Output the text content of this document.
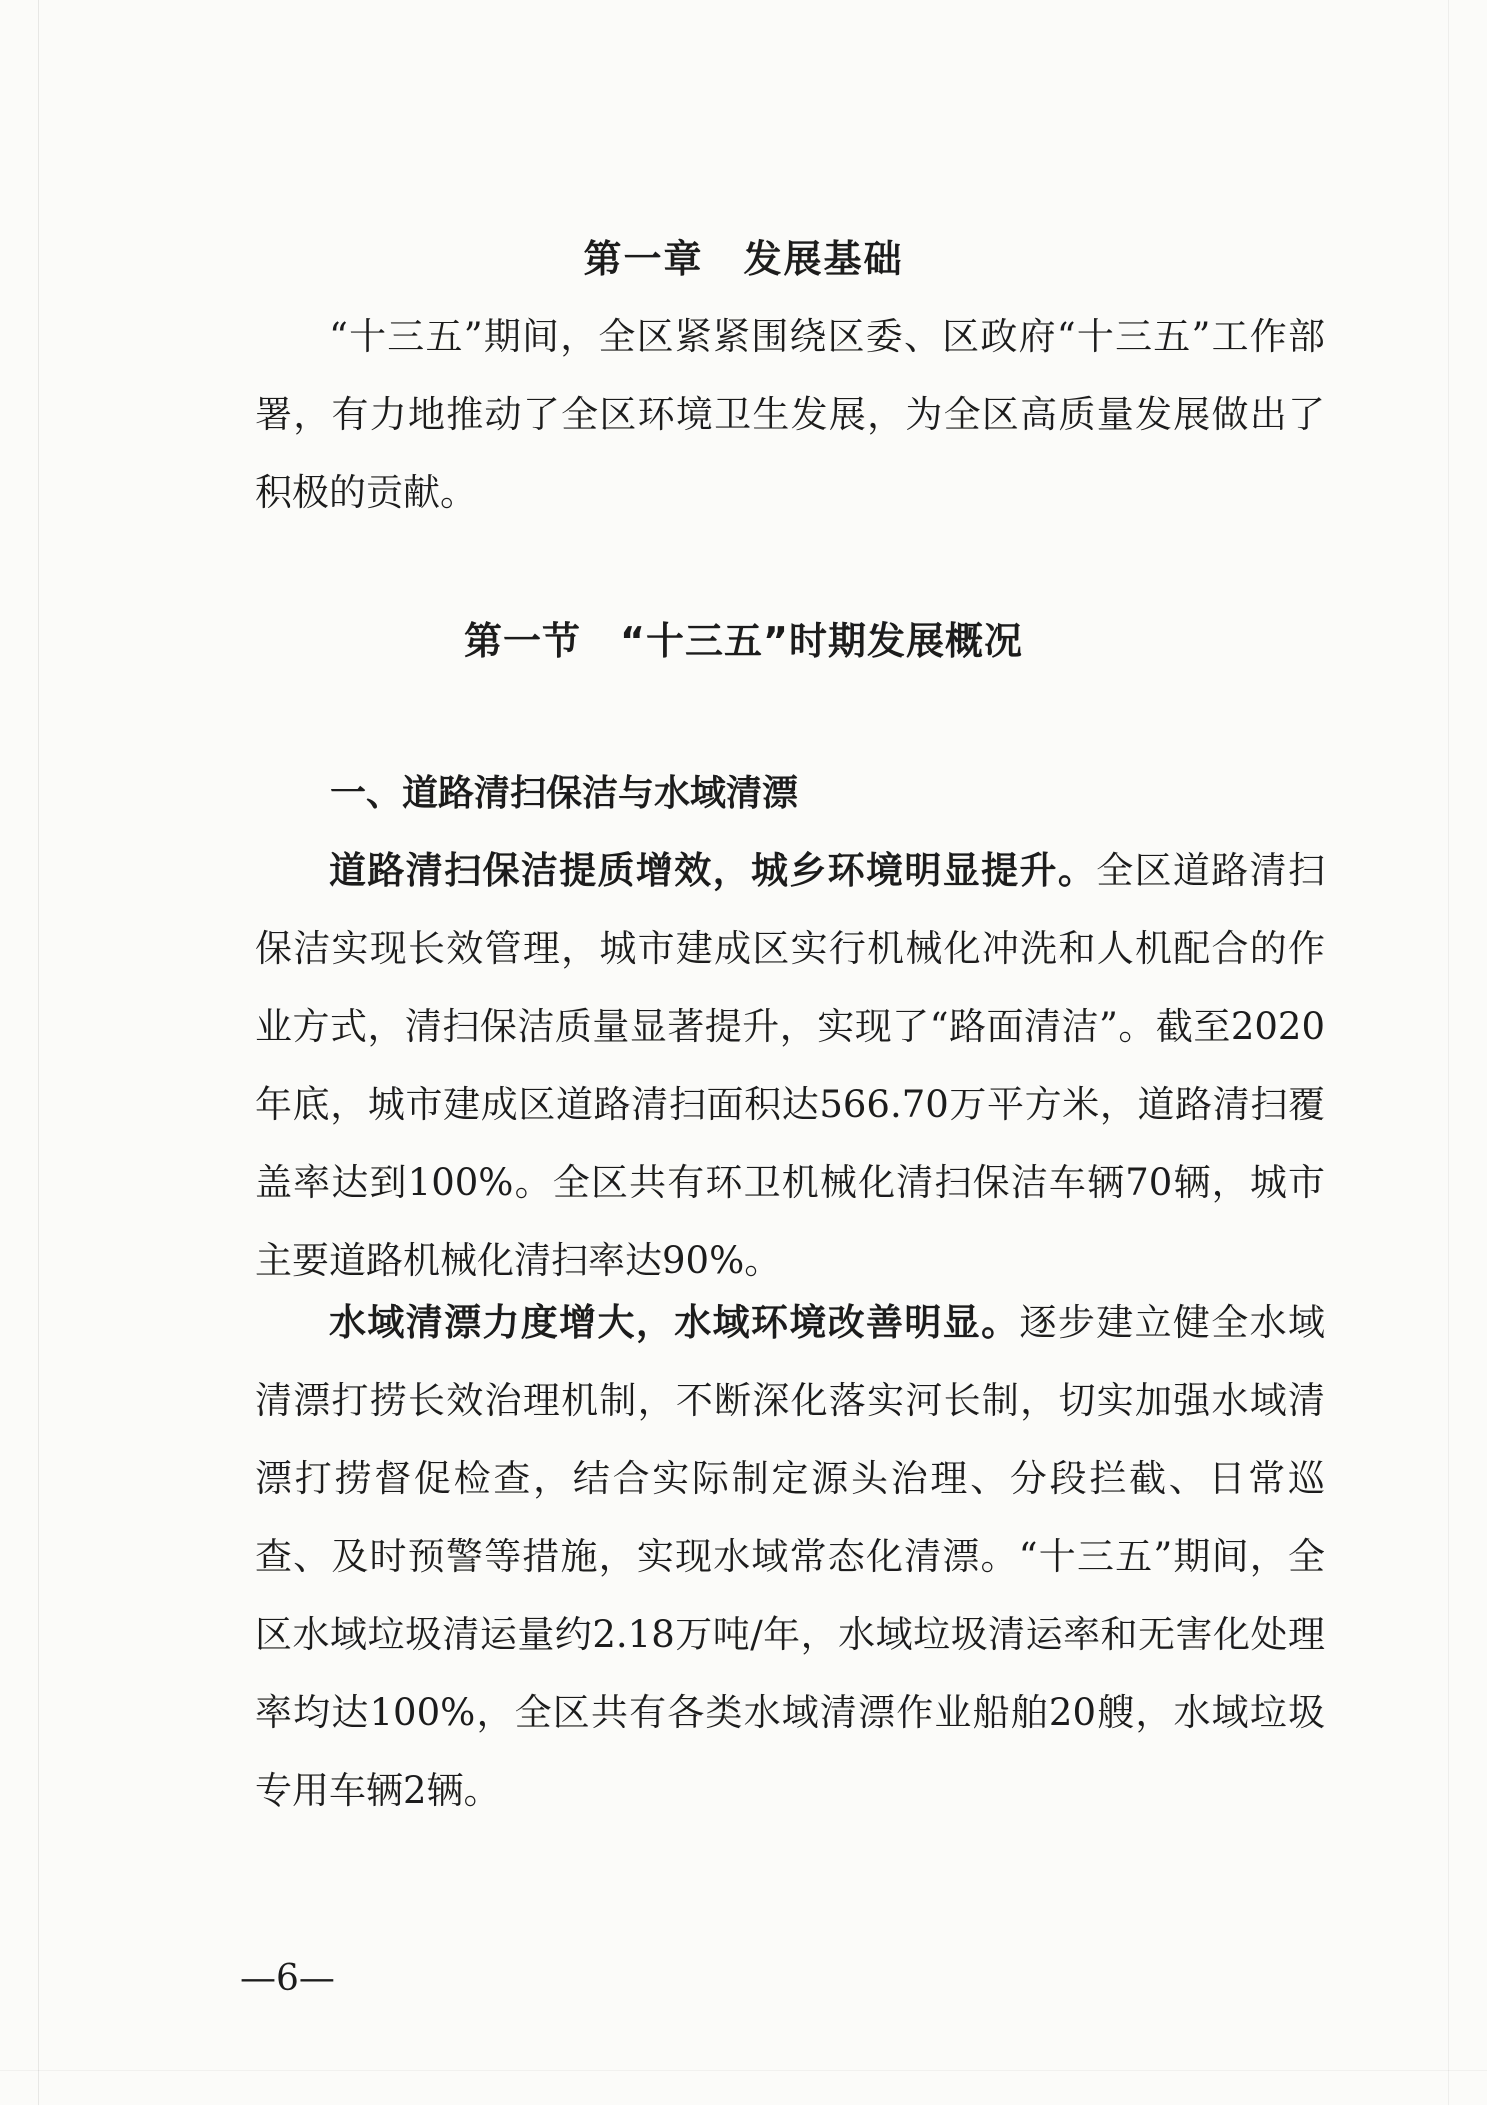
第一章　发展基础

“十三五”期间，全区紧紧围绕区委、区政府“十三五”工作部署，有力地推动了全区环境卫生发展，为全区高质量发展做出了积极的贡献。

第一节　“十三五”时期发展概况
一、道路清扫保洁与水域清漂

道路清扫保洁提质增效，城乡环境明显提升。全区道路清扫保洁实现长效管理，城市建成区实行机械化冲洗和人机配合的作业方式，清扫保洁质量显著提升，实现了“路面清洁”。截至2020年底，城市建成区道路清扫面积达566.70万平方米，道路清扫覆盖率达到100%。全区共有环卫机械化清扫保洁车辆70辆，城市主要道路机械化清扫率达90%。

水域清漂力度增大，水域环境改善明显。逐步建立健全水域清漂打捞长效治理机制，不断深化落实河长制，切实加强水域清漂打捞督促检查，结合实际制定源头治理、分段拦截、日常巡查、及时预警等措施，实现水域常态化清漂。“十三五”期间，全区水域垃圾清运量约2.18万吨/年，水域垃圾清运率和无害化处理率均达100%，全区共有各类水域清漂作业船舶20艘，水域垃圾专用车辆2辆。

—6—
